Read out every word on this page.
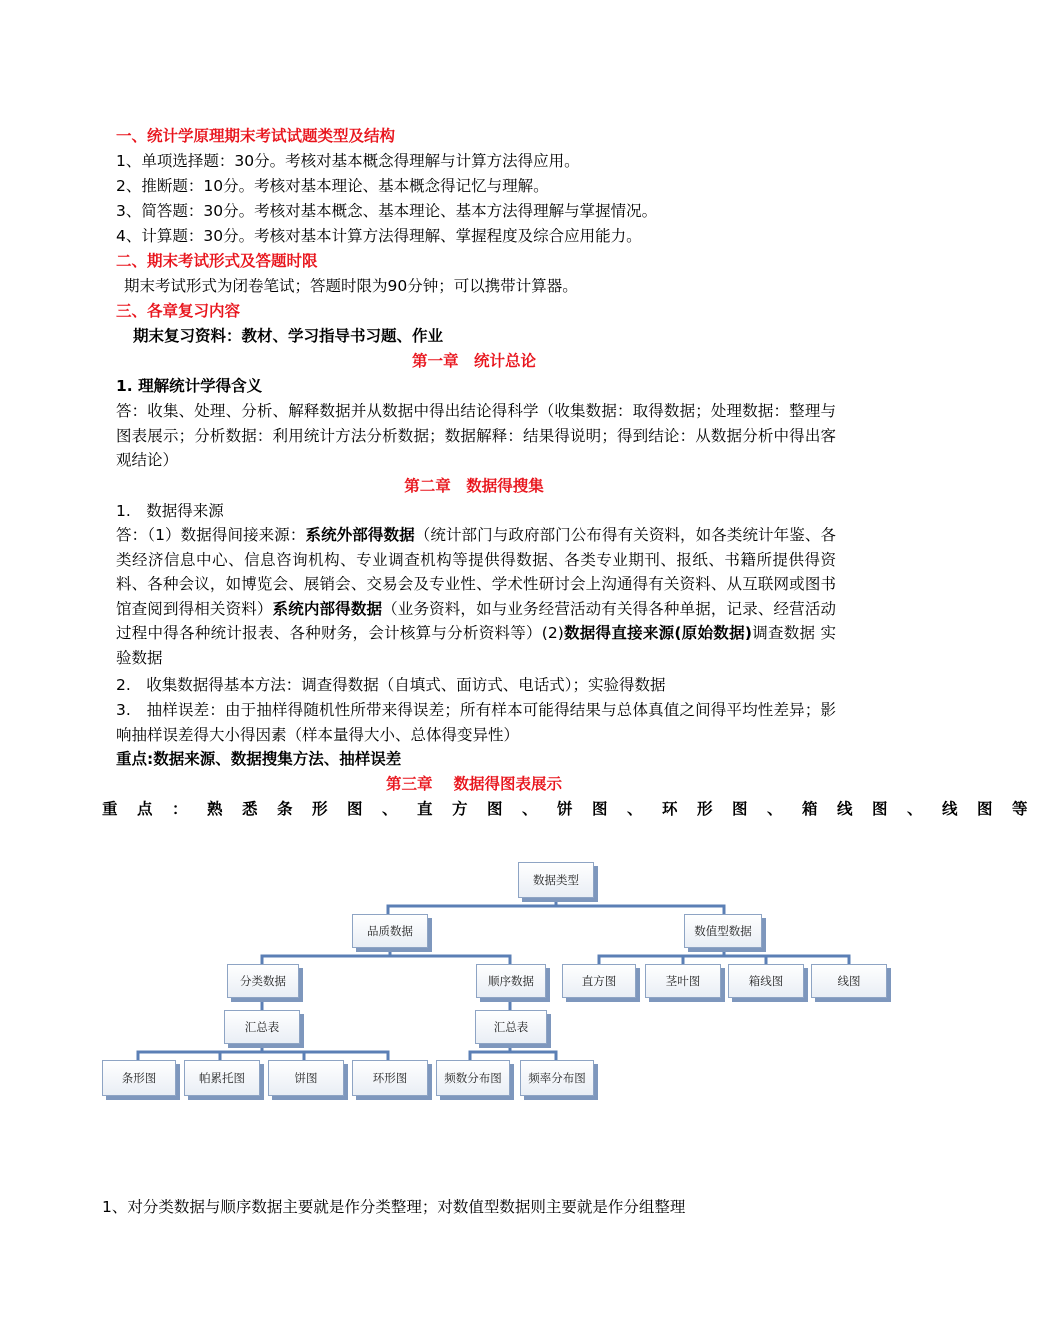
一、统计学原理期末考试试题类型及结构
1、单项选择题：30分。考核对基本概念得理解与计算方法得应用。
2、推断题：10分。考核对基本理论、基本概念得记忆与理解。
3、简答题：30分。考核对基本概念、基本理论、基本方法得理解与掌握情况。
4、计算题：30分。考核对基本计算方法得理解、掌握程度及综合应用能力。
二、期末考试形式及答题时限
期末考试形式为闭卷笔试；答题时限为90分钟；可以携带计算器。
三、各章复习内容
期末复习资料：教材、学习指导书习题、作业
第一章　统计总论
1. 理解统计学得含义
答：收集、处理、分析、解释数据并从数据中得出结论得科学（收集数据：取得数据；处理数据：整理与图表展示；分析数据：利用统计方法分析数据；数据解释：结果得说明；得到结论：从数据分析中得出客观结论）
第二章　数据得搜集
1.　数据得来源
答：（1）数据得间接来源：系统外部得数据（统计部门与政府部门公布得有关资料，如各类统计年鉴、各类经济信息中心、信息咨询机构、专业调查机构等提供得数据、各类专业期刊、报纸、书籍所提供得资料、各种会议，如博览会、展销会、交易会及专业性、学术性研讨会上沟通得有关资料、从互联网或图书馆查阅到得相关资料）系统内部得数据（业务资料，如与业务经营活动有关得各种单据，记录、经营活动过程中得各种统计报表、各种财务，会计核算与分析资料等）(2)数据得直接来源(原始数据)调查数据 实验数据
2.　收集数据得基本方法：调查得数据（自填式、面访式、电话式）；实验得数据
3.　抽样误差：由于抽样得随机性所带来得误差；所有样本可能得结果与总体真值之间得平均性差异；影响抽样误差得大小得因素（样本量得大小、总体得变异性）
重点:数据来源、数据搜集方法、抽样误差
第三章　 数据得图表展示
重点：熟悉条形图、直方图、饼图、环形图、箱线图、线图等
数据类型
品质数据	数值型数据
分类数据	顺序数据	直方图	茎叶图	箱线图	线图
汇总表	汇总表
条形图	帕累托图	饼图	环形图	频数分布图	频率分布图
1、对分类数据与顺序数据主要就是作分类整理；对数值型数据则主要就是作分组整理
